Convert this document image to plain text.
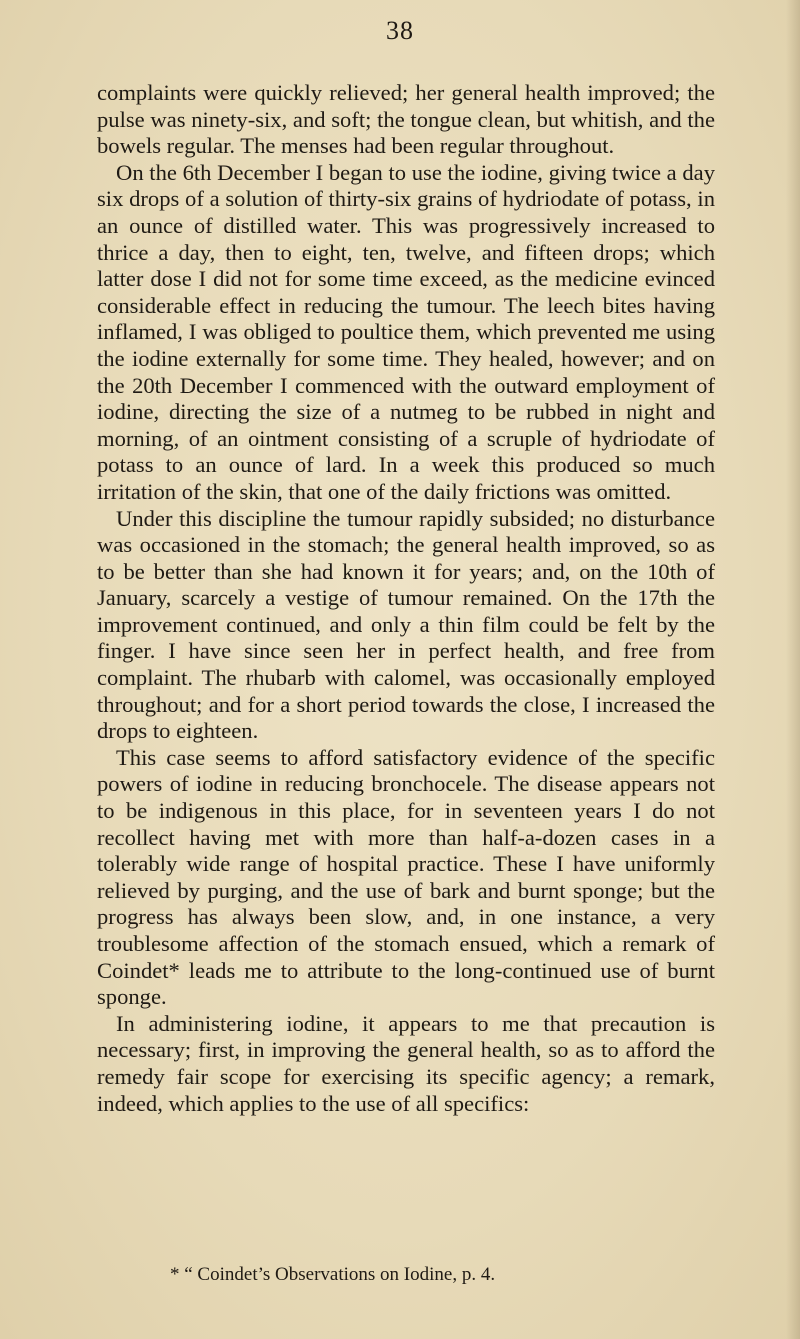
38

complaints were quickly relieved; her general health improved; the pulse was ninety-six, and soft; the tongue clean, but whitish, and the bowels regular. The menses had been regular throughout.

On the 6th December I began to use the iodine, giving twice a day six drops of a solution of thirty-six grains of hydriodate of potass, in an ounce of distilled water. This was progressively increased to thrice a day, then to eight, ten, twelve, and fifteen drops; which latter dose I did not for some time exceed, as the medicine evinced considerable effect in reducing the tumour. The leech bites having inflamed, I was obliged to poultice them, which prevented me using the iodine externally for some time. They healed, however; and on the 20th December I commenced with the outward employment of iodine, directing the size of a nutmeg to be rubbed in night and morning, of an ointment consisting of a scruple of hydriodate of potass to an ounce of lard. In a week this produced so much irritation of the skin, that one of the daily frictions was omitted.

Under this discipline the tumour rapidly subsided; no disturbance was occasioned in the stomach; the general health improved, so as to be better than she had known it for years; and, on the 10th of January, scarcely a vestige of tumour remained. On the 17th the improvement continued, and only a thin film could be felt by the finger. I have since seen her in perfect health, and free from complaint. The rhubarb with calomel, was occasionally employed throughout; and for a short period towards the close, I increased the drops to eighteen.

This case seems to afford satisfactory evidence of the specific powers of iodine in reducing bronchocele. The disease appears not to be indigenous in this place, for in seventeen years I do not recollect having met with more than half-a-dozen cases in a tolerably wide range of hospital practice. These I have uniformly relieved by purging, and the use of bark and burnt sponge; but the progress has always been slow, and, in one instance, a very troublesome affection of the stomach ensued, which a remark of Coindet* leads me to attribute to the long-continued use of burnt sponge.

In administering iodine, it appears to me that precaution is necessary; first, in improving the general health, so as to afford the remedy fair scope for exercising its specific agency; a remark, indeed, which applies to the use of all specifics:

* “ Coindet’s Observations on Iodine, p. 4.
